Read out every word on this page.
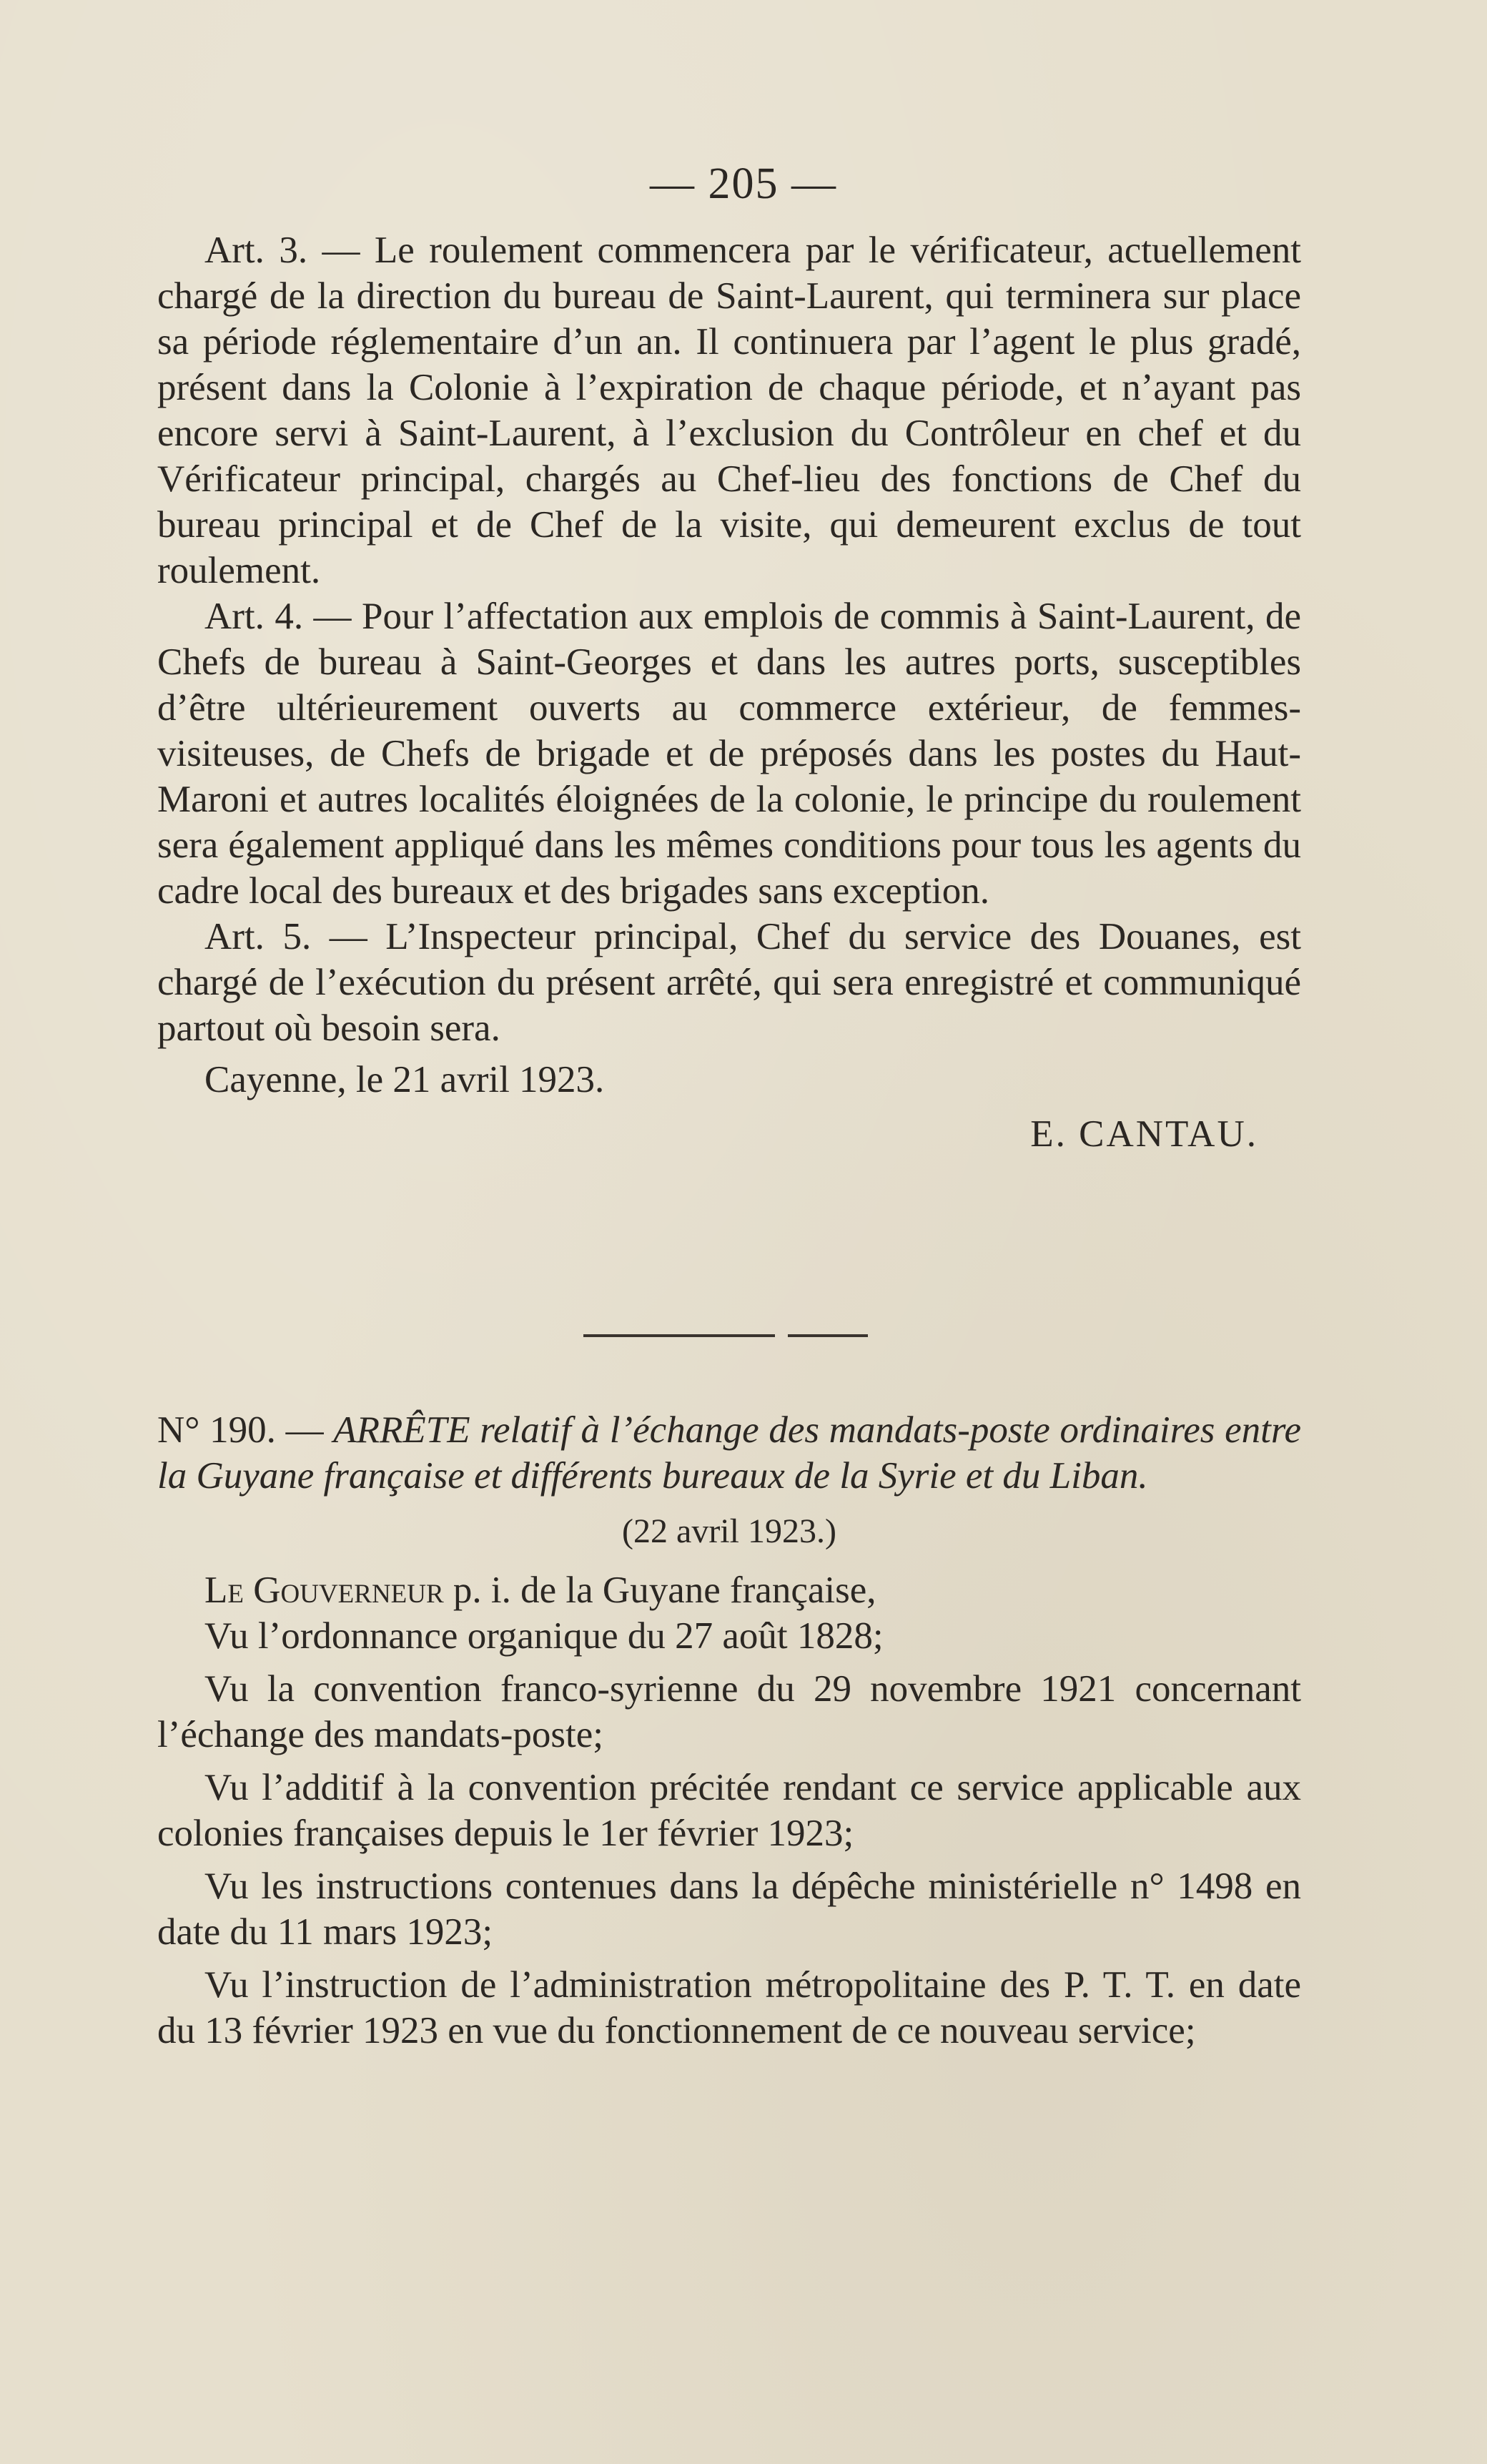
— 205 —

Art. 3. — Le roulement commencera par le vérificateur, actuellement chargé de la direction du bureau de Saint-Laurent, qui terminera sur place sa période réglementaire d’un an. Il continuera par l’agent le plus gradé, présent dans la Colonie à l’expiration de chaque période, et n’ayant pas encore servi à Saint-Laurent, à l’exclusion du Contrôleur en chef et du Vérificateur principal, chargés au Chef-lieu des fonctions de Chef du bureau principal et de Chef de la visite, qui demeurent exclus de tout roulement.

Art. 4. — Pour l’affectation aux emplois de commis à Saint-Laurent, de Chefs de bureau à Saint-Georges et dans les autres ports, susceptibles d’être ultérieurement ouverts au commerce extérieur, de femmes-visiteuses, de Chefs de brigade et de préposés dans les postes du Haut-Maroni et autres localités éloignées de la colonie, le principe du roulement sera également appliqué dans les mêmes conditions pour tous les agents du cadre local des bureaux et des brigades sans exception.

Art. 5. — L’Inspecteur principal, Chef du service des Douanes, est chargé de l’exécution du présent arrêté, qui sera enregistré et communiqué partout où besoin sera.

Cayenne, le 21 avril 1923.

E. CANTAU.

N° 190. — ARRÊTE relatif à l’échange des mandats-poste ordinaires entre la Guyane française et différents bureaux de la Syrie et du Liban.

(22 avril 1923.)

Le Gouverneur p. i. de la Guyane française,

Vu l’ordonnance organique du 27 août 1828;

Vu la convention franco-syrienne du 29 novembre 1921 concernant l’échange des mandats-poste;

Vu l’additif à la convention précitée rendant ce service applicable aux colonies françaises depuis le 1er février 1923;

Vu les instructions contenues dans la dépêche ministérielle n° 1498 en date du 11 mars 1923;

Vu l’instruction de l’administration métropolitaine des P. T. T. en date du 13 février 1923 en vue du fonctionnement de ce nouveau service;
